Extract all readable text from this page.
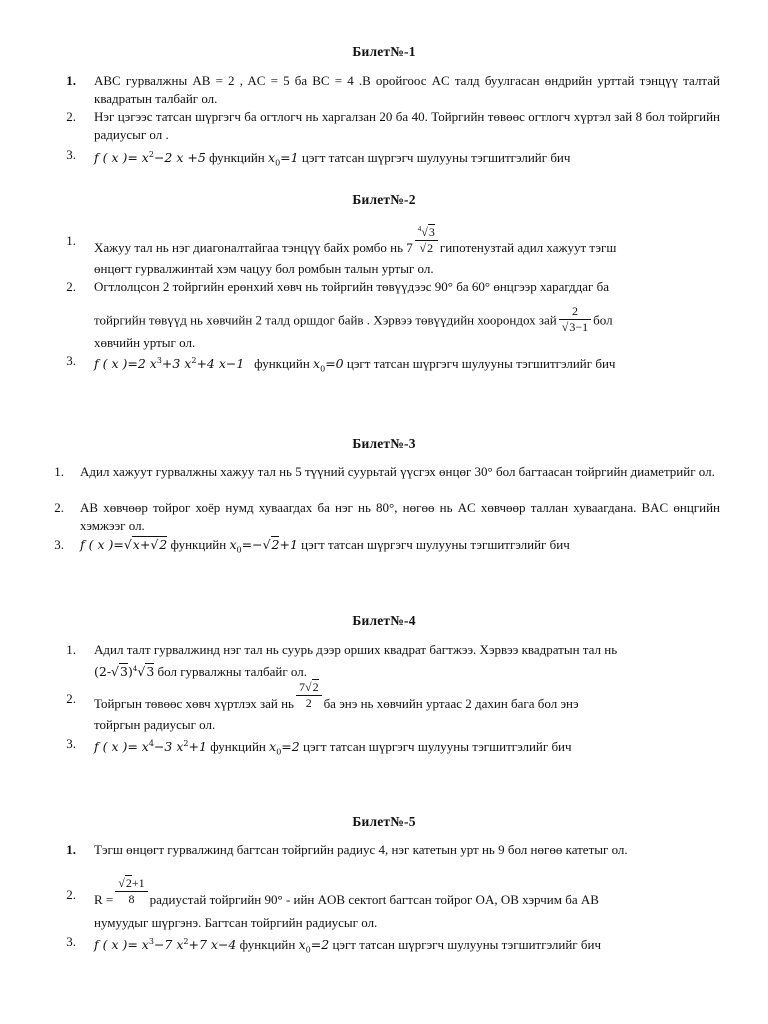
Билет№-1
1. ABC гурвалжны AB = 2 , AC = 5 ба BC = 4 .B оройгоос AC талд буулгасан өндрийн урттай тэнцүү талтай квадратын талбайг ол.
2. Нэг цэгээс татсан шүргэгч ба огтлогч нь харгалзан 20 ба 40. Тойргийн төвөөс огтлогч хүртэл зай 8 бол тойргийн радиусыг ол .
3. f ( x )= $x^2-2$ x +5 функцийн $x_0=1$ цэгт татсан шүргэгч шулууны тэгшитгэлийг бич
Билет№-2
1. Хажуу тал нь нэг диагоналтайгаа тэнцүү байх ромбо нь $7 \frac{^4√3}{√2}$ гипотенузтай адил хажуут тэгш
өнцөгт гурвалжинтай хэм чацуу бол ромбын талын уртыг ол.
2. Огтлолцсон 2 тойргийн ерөнхий хөвч нь тойргийн төвүүдээс 90° ба 60° өнцгээр харагддаг ба
тойргийн төвүүд нь хөвчийн 2 талд оршдог байв . Хэрвээ төвүүдийн хоорондох зай $\frac{2}{√3-1}$ бол
хөвчийн уртыг ол.
3. f ( x )=2 $x^3+3$ $x^2+4$ x−1 функцийн $x_0=0$ цэгт татсан шүргэгч шулууны тэгшитгэлийг бич
Билет№-3
1. Адил хажуут гурвалжны хажуу тал нь 5 түүний суурьтай үүсгэх өнцөг 30° бол багтаасан тойргийн диаметрийг ол.
2. AB хөвчөөр тойрог хоёр нумд хуваагдах ба нэг нь 80°, нөгөө нь AC хөвчөөр таллан хуваагдана. BAC өнцгийн хэмжээг ол.
3. f ( x )=√x+√2 функцийн $x_0=-√2+1$ цэгт татсан шүргэгч шулууны тэгшитгэлийг бич
Билет№-4
1. Адил талт гурвалжинд нэг тал нь суурь дээр орших квадрат багтжээ. Хэрвээ квадратын тал нь
$(2-√3)^4√3$ бол гурвалжны талбайг ол.
2. Тойргын төвөөс хөвч хүртлэх зай нь $\frac{7√2}{2}$ ба энэ нь хөвчийн уртаас 2 дахин бага бол энэ
тойргын радиусыг ол.
3. f ( x )= $x^4-3$ $x^2+1$ функцийн $x_0=2$ цэгт татсан шүргэгч шулууны тэгшитгэлийг бич
Билет№-5
1. Тэгш өнцөгт гурвалжинд багтсан тойргийн радиус 4, нэг катетын урт нь 9 бол нөгөө катетыг ол.
2. $R = \frac{√2+1}{8}$ радиустай тойргийн 90° - ийн AOB сектort багтсан тойрог OA, OB хэрчим ба AB
нумуудыг шүргэнэ. Багтсан тойргийн радиусыг ол.
3. f ( x )= $x^3-7$ $x^2+7$ x−4 функцийн $x_0=2$ цэгт татсан шүргэгч шулууны тэгшитгэлийг бич
